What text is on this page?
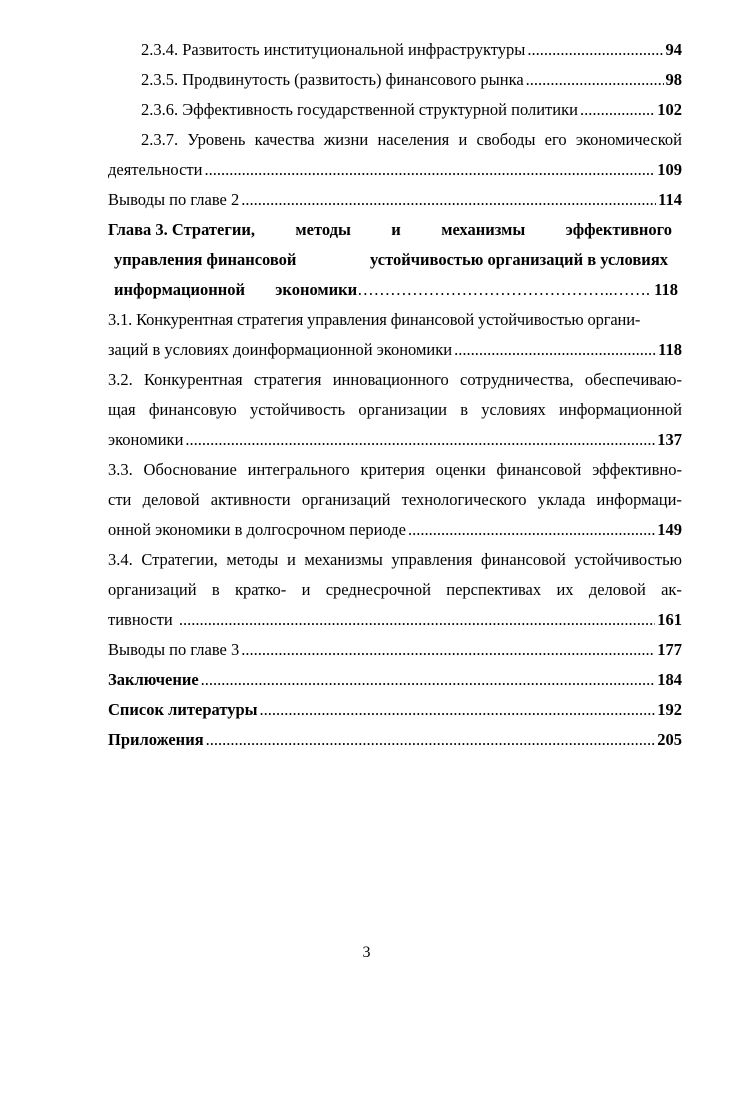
2.3.4. Развитость институциональной инфраструктуры .....	94
2.3.5. Продвинутость (развитость) финансового рынка .....	98
2.3.6. Эффективность государственной структурной политики .....	102
2.3.7. Уровень качества жизни населения и свободы его экономической
деятельности .....	109
Выводы по главе 2 .....	114
Глава 3. Стратегии, методы и механизмы эффективного
управления финансовой	устойчивостью организаций в условиях
информационной экономики………………………………………..……. 118
3.1. Конкурентная стратегия управления финансовой устойчивостью органи-
заций в условиях доинформационной экономики .....	118
3.2. Конкурентная стратегия инновационного сотрудничества, обеспечиваю-
щая финансовую устойчивость организации в условиях информационной
экономики .....	137
3.3. Обоснование интегрального критерия оценки финансовой эффективно-
сти деловой активности организаций технологического уклада информаци-
онной экономики в долгосрочном периоде .....	149
3.4. Стратегии, методы и механизмы управления финансовой устойчивостью
организаций в кратко- и среднесрочной перспективах их деловой ак-
тивности .....	161
Выводы по главе 3 .....	177
Заключение .....	184
Список литературы .....	192
Приложения .....	205
3
